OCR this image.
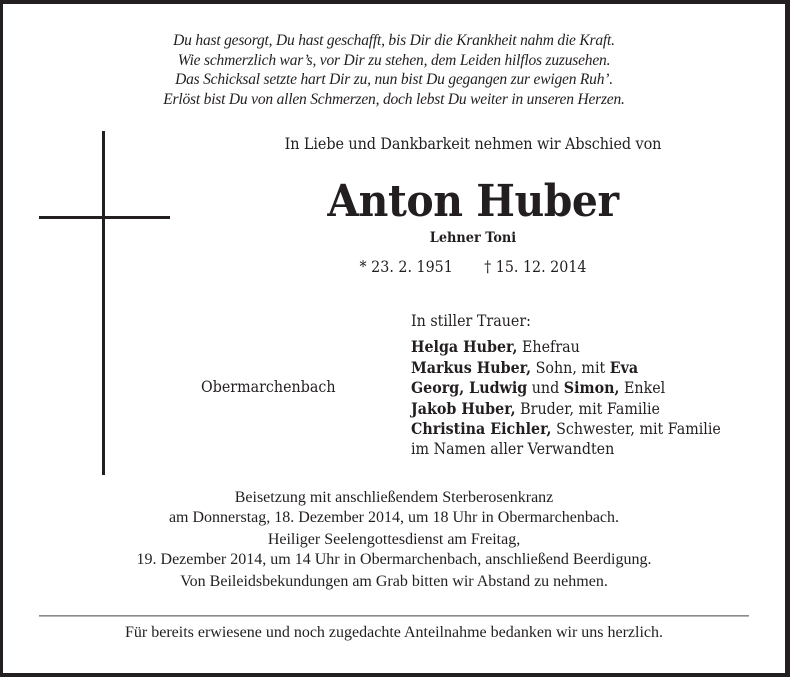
Du hast gesorgt, Du hast geschafft, bis Dir die Krankheit nahm die Kraft.
Wie schmerzlich war’s, vor Dir zu stehen, dem Leiden hilflos zuzusehen.
Das Schicksal setzte hart Dir zu, nun bist Du gegangen zur ewigen Ruh’.
Erlöst bist Du von allen Schmerzen, doch lebst Du weiter in unseren Herzen.
In Liebe und Dankbarkeit nehmen wir Abschied von
Anton Huber
Lehner Toni
* 23. 2. 1951 † 15. 12. 2014
Obermarchenbach
In stiller Trauer:
Helga Huber, Ehefrau
Markus Huber, Sohn, mit Eva
Georg, Ludwig und Simon, Enkel
Jakob Huber, Bruder, mit Familie
Christina Eichler, Schwester, mit Familie
im Namen aller Verwandten
Beisetzung mit anschließendem Sterberosenkranz
am Donnerstag, 18. Dezember 2014, um 18 Uhr in Obermarchenbach.
Heiliger Seelengottesdienst am Freitag,
19. Dezember 2014, um 14 Uhr in Obermarchenbach, anschließend Beerdigung.
Von Beileidsbekundungen am Grab bitten wir Abstand zu nehmen.
Für bereits erwiesene und noch zugedachte Anteilnahme bedanken wir uns herzlich.
